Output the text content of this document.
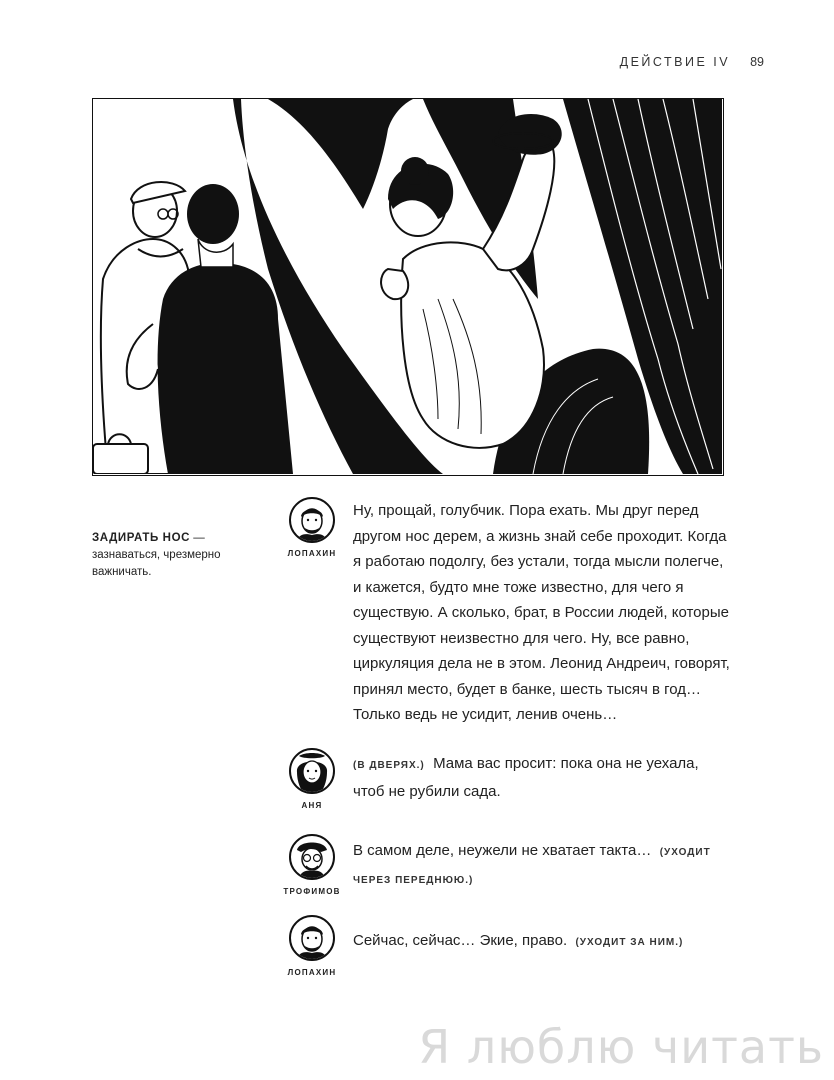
ДЕЙСТВИЕ IV 89
ЗАДИРАТЬ НОС — зазнаваться, чрезмерно важничать.
ЛОПАХИН
Ну, прощай, голубчик. Пора ехать. Мы друг перед другом нос дерем, а жизнь знай себе проходит. Когда я работаю подолгу, без устали, тогда мысли полегче, и кажется, будто мне тоже известно, для чего я существую. А сколько, брат, в России людей, которые существуют неизвестно для чего. Ну, все равно, циркуляция дела не в этом. Леонид Андреич, говорят, принял место, будет в банке, шесть тысяч в год… Только ведь не усидит, ленив очень…
АНЯ
(В ДВЕРЯХ.) Мама вас просит: пока она не уехала, чтоб не рубили сада.
ТРОФИМОВ
В самом деле, неужели не хватает такта… (УХОДИТ ЧЕРЕЗ ПЕРЕДНЮЮ.)
ЛОПАХИН
Сейчас, сейчас… Экие, право. (УХОДИТ ЗА НИМ.)
Я люблю читать
